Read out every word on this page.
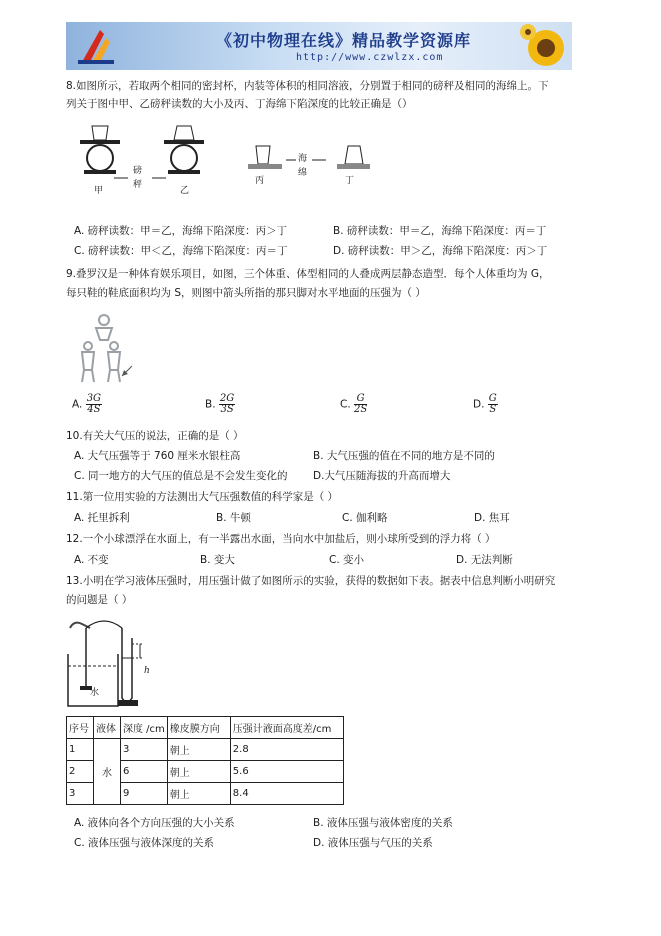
《初中物理在线》精品教学资源库
http://www.czwlzx.com
8.如图所示，若取两个相同的密封杯，内装等体积的相同溶液，分别置于相同的磅秤及相同的海绵上。下
列关于图中甲、乙磅秤读数的大小及丙、丁海绵下陷深度的比较正确是（）
甲	乙
磅
秤	丙	丁
海
绵
A. 磅秤读数：甲＝乙，海绵下陷深度：丙＞丁	B. 磅秤读数：甲＝乙，海绵下陷深度：丙＝丁
C. 磅秤读数：甲＜乙，海绵下陷深度：丙＝丁	D. 磅秤读数：甲＞乙，海绵下陷深度：丙＞丁
9.叠罗汉是一种体育娱乐项目，如图，三个体重、体型相同的人叠成两层静态造型．每个人体重均为 G，
每只鞋的鞋底面积均为 S，则图中箭头所指的那只脚对水平地面的压强为（ ）
A. $\frac{3G}{4S}$	B. $\frac{2G}{3S}$	C. $\frac{G}{2S}$	D. $\frac{G}{S}$
10.有关大气压的说法，正确的是（ ）
A. 大气压强等于 760 厘米水银柱高	B. 大气压强的值在不同的地方是不同的
C. 同一地方的大气压的值总是不会发生变化的 D.大气压随海拔的升高而增大
11.第一位用实验的方法测出大气压强数值的科学家是（ ）
A. 托里拆利	B. 牛顿	C. 伽利略	D. 焦耳
12.一个小球漂浮在水面上，有一半露出水面，当向水中加盐后，则小球所受到的浮力将（ ）
A. 不变	B. 变大	C. 变小	D. 无法判断
13.小明在学习液体压强时，用压强计做了如图所示的实验，获得的数据如下表。据表中信息判断小明研究
的问题是（ ）
水
h
序号	液体	深度 /cm	橡皮膜方向	压强计液面高度差/cm
1	水	3	朝上	2.8
2		6	朝上	5.6
3		9	朝上	8.4
A. 液体向各个方向压强的大小关系	B. 液体压强与液体密度的关系
C. 液体压强与液体深度的关系	D. 液体压强与气压的关系
